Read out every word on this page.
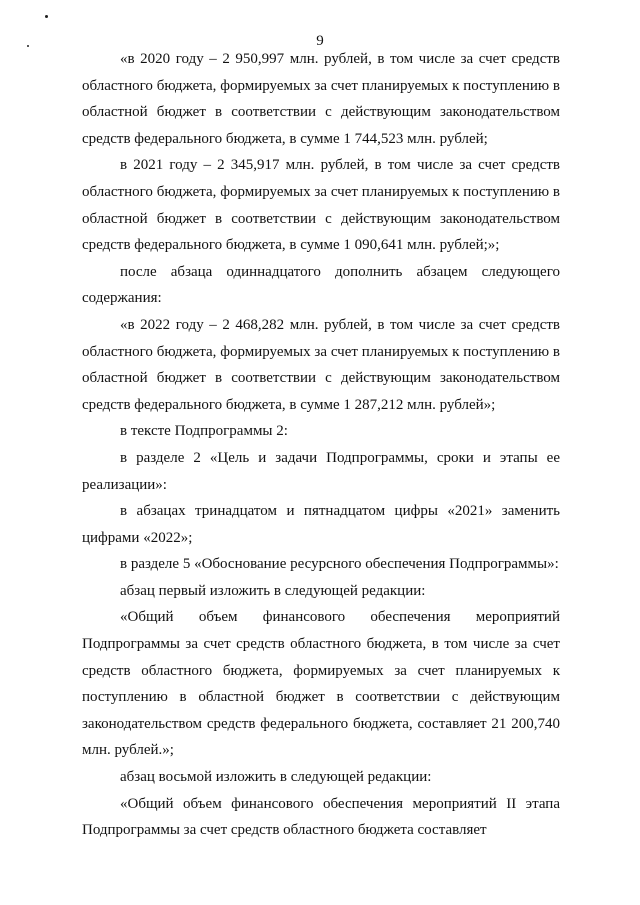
9

«в 2020 году – 2 950,997 млн. рублей, в том числе за счет средств областного бюджета, формируемых за счет планируемых к поступлению в областной бюджет в соответствии с действующим законодательством средств федерального бюджета, в сумме 1 744,523 млн. рублей;

в 2021 году – 2 345,917 млн. рублей, в том числе за счет средств областного бюджета, формируемых за счет планируемых к поступлению в областной бюджет в соответствии с действующим законодательством средств федерального бюджета, в сумме 1 090,641 млн. рублей;»;

после абзаца одиннадцатого дополнить абзацем следующего содержания:

«в 2022 году – 2 468,282 млн. рублей, в том числе за счет средств областного бюджета, формируемых за счет планируемых к поступлению в областной бюджет в соответствии с действующим законодательством средств федерального бюджета, в сумме 1 287,212 млн. рублей»;

в тексте Подпрограммы 2:

в разделе 2 «Цель и задачи Подпрограммы, сроки и этапы ее реализации»:

в абзацах тринадцатом и пятнадцатом цифры «2021» заменить цифрами «2022»;

в разделе 5 «Обоснование ресурсного обеспечения Подпрограммы»:

абзац первый изложить в следующей редакции:

«Общий объем финансового обеспечения мероприятий Подпрограммы за счет средств областного бюджета, в том числе за счет средств областного бюджета, формируемых за счет планируемых к поступлению в областной бюджет в соответствии с действующим законодательством средств федерального бюджета, составляет 21 200,740 млн. рублей.»;

абзац восьмой изложить в следующей редакции:

«Общий объем финансового обеспечения мероприятий II этапа Подпрограммы за счет средств областного бюджета составляет
